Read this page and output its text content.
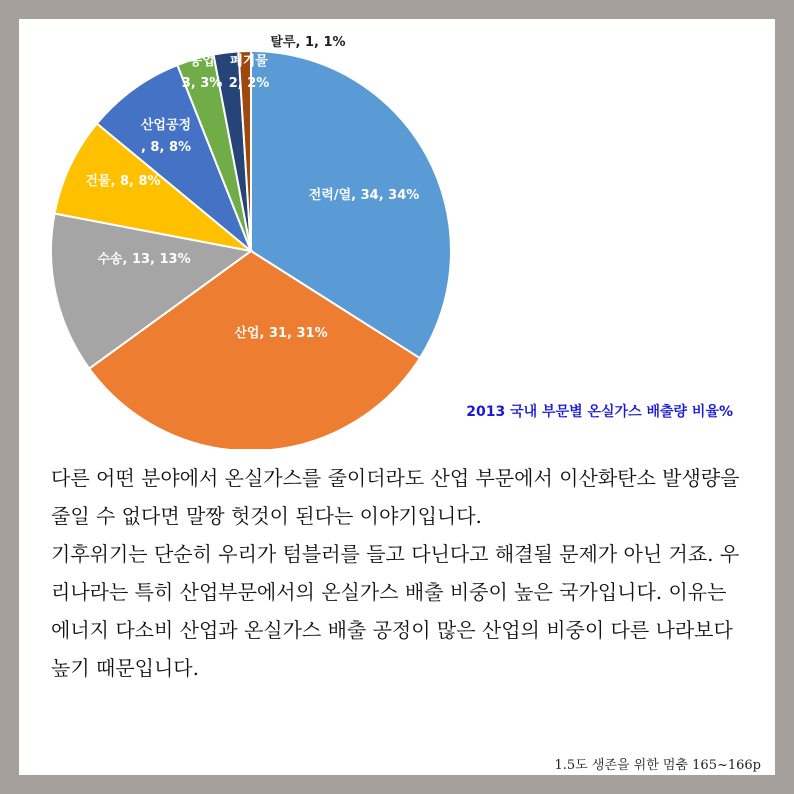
전력/열, 34, 34%
산업, 31, 31%
수송, 13, 13%
건물, 8, 8%
산업공정 , 8, 8%
농업 3, 3%
폐기물 2, 2%
탈루, 1, 1%
2013 국내 부문별 온실가스 배출량 비율%

다른 어떤 분야에서 온실가스를 줄이더라도 산업 부문에서 이산화탄소 발생량을 줄일 수 없다면 말짱 헛것이 된다는 이야기입니다.

기후위기는 단순히 우리가 텀블러를 들고 다닌다고 해결될 문제가 아닌 거죠. 우리나라는 특히 산업부문에서의 온실가스 배출 비중이 높은 국가입니다. 이유는 에너지 다소비 산업과 온실가스 배출 공정이 많은 산업의 비중이 다른 나라보다 높기 때문입니다.

1.5도 생존을 위한 멈춤 165~166p
